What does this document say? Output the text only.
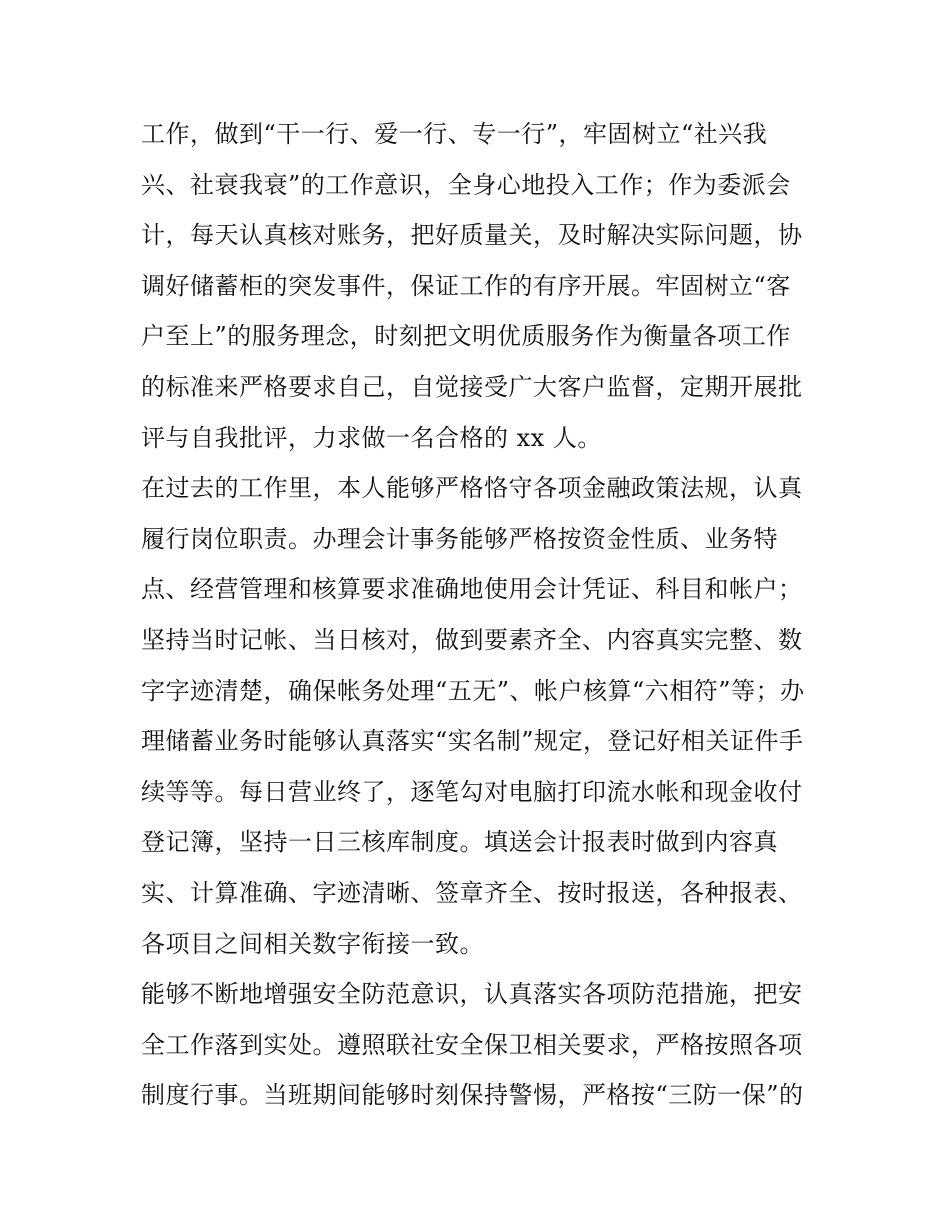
工作，做到“干一行、爱一行、专一行”，牢固树立“社兴我
兴、社衰我衰”的工作意识，全身心地投入工作；作为委派会
计，每天认真核对账务，把好质量关，及时解决实际问题，协
调好储蓄柜的突发事件，保证工作的有序开展。牢固树立“客
户至上”的服务理念，时刻把文明优质服务作为衡量各项工作
的标准来严格要求自己，自觉接受广大客户监督，定期开展批
评与自我批评，力求做一名合格的 xx 人。
在过去的工作里，本人能够严格恪守各项金融政策法规，认真
履行岗位职责。办理会计事务能够严格按资金性质、业务特
点、经营管理和核算要求准确地使用会计凭证、科目和帐户；
坚持当时记帐、当日核对，做到要素齐全、内容真实完整、数
字字迹清楚，确保帐务处理“五无”、帐户核算“六相符”等；办
理储蓄业务时能够认真落实“实名制”规定，登记好相关证件手
续等等。每日营业终了，逐笔勾对电脑打印流水帐和现金收付
登记簿，坚持一日三核库制度。填送会计报表时做到内容真
实、计算准确、字迹清晰、签章齐全、按时报送，各种报表、
各项目之间相关数字衔接一致。
能够不断地增强安全防范意识，认真落实各项防范措施，把安
全工作落到实处。遵照联社安全保卫相关要求，严格按照各项
制度行事。当班期间能够时刻保持警惕，严格按“三防一保”的
